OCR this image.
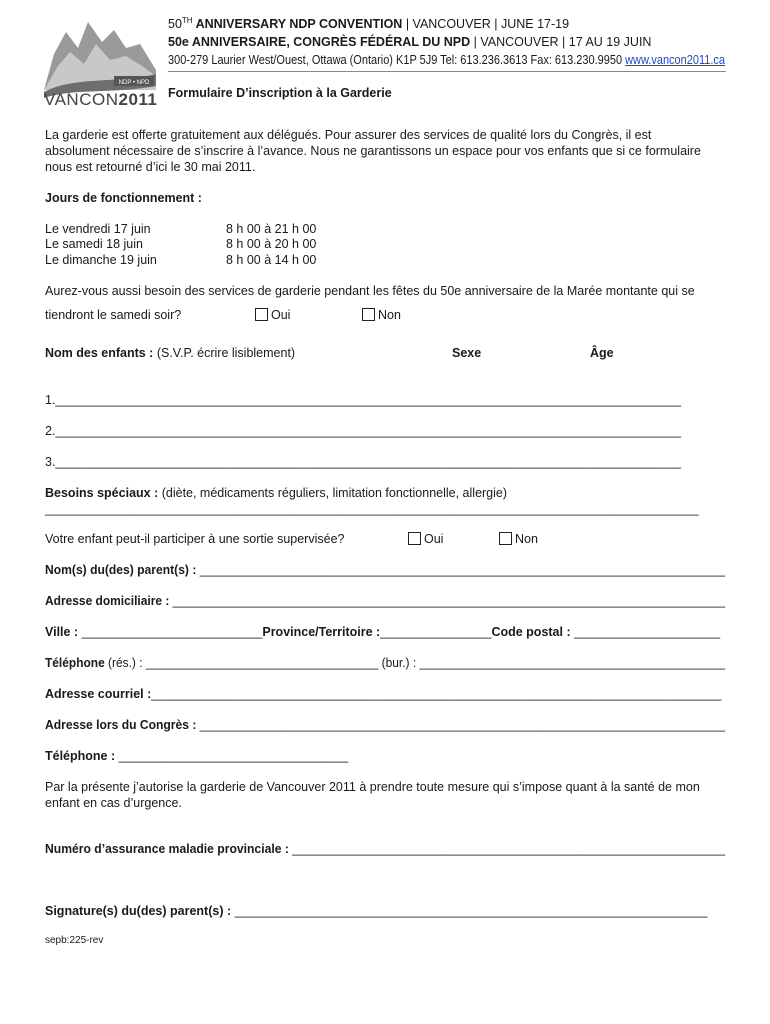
NDP • NPD
VANCON2011
50TH ANNIVERSARY NDP CONVENTION | VANCOUVER | JUNE 17-19
50e ANNIVERSAIRE, CONGRÈS FÉDÉRAL DU NPD | VANCOUVER | 17 AU 19 JUIN
300-279 Laurier West/Ouest, Ottawa (Ontario) K1P 5J9 Tel: 613.236.3613 Fax: 613.230.9950 www.vancon2011.ca
Formulaire D’inscription à la Garderie
La garderie est offerte gratuitement aux délégués. Pour assurer des services de qualité lors du Congrès, il est
absolument nécessaire de s’inscrire à l’avance. Nous ne garantissons un espace pour vos enfants que si ce formulaire
nous est retourné d’ici le 30 mai 2011.
Jours de fonctionnement :
Le vendredi 17 juin	8 h 00 à 21 h 00
Le samedi 18 juin	8 h 00 à 20 h 00
Le dimanche 19 juin	8 h 00 à 14 h 00
Aurez-vous aussi besoin des services de garderie pendant les fêtes du 50e anniversaire de la Marée montante qui se
tiendront le samedi soir?	Oui	Non
Nom des enfants : (S.V.P. écrire lisiblement)	Sexe	Âge
1.__________________________________________________________________________________________
2.__________________________________________________________________________________________
3.__________________________________________________________________________________________
Besoins spéciaux : (diète, médicaments réguliers, limitation fonctionnelle, allergie)
______________________________________________________________________________________________
Votre enfant peut-il participer à une sortie supervisée?	Oui	Non
Nom(s) du(des) parent(s) : ______________________________________________________________________________
Adresse domiciliaire : ___________________________________________________________________________________
Ville : __________________________Province/Territoire :________________Code postal : _____________________
Téléphone (rés.) : ___________________________________ (bur.) : ______________________________________________
Adresse courriel :__________________________________________________________________________________
Adresse lors du Congrès : ______________________________________________________________________________
Téléphone : _________________________________
Par la présente j’autorise la garderie de Vancouver 2011 à prendre toute mesure qui s’impose quant à la santé de mon
enfant en cas d’urgence.
Numéro d’assurance maladie provinciale : ________________________________________________________________
Signature(s) du(des) parent(s) : ____________________________________________________________________
sepb:225-rev
